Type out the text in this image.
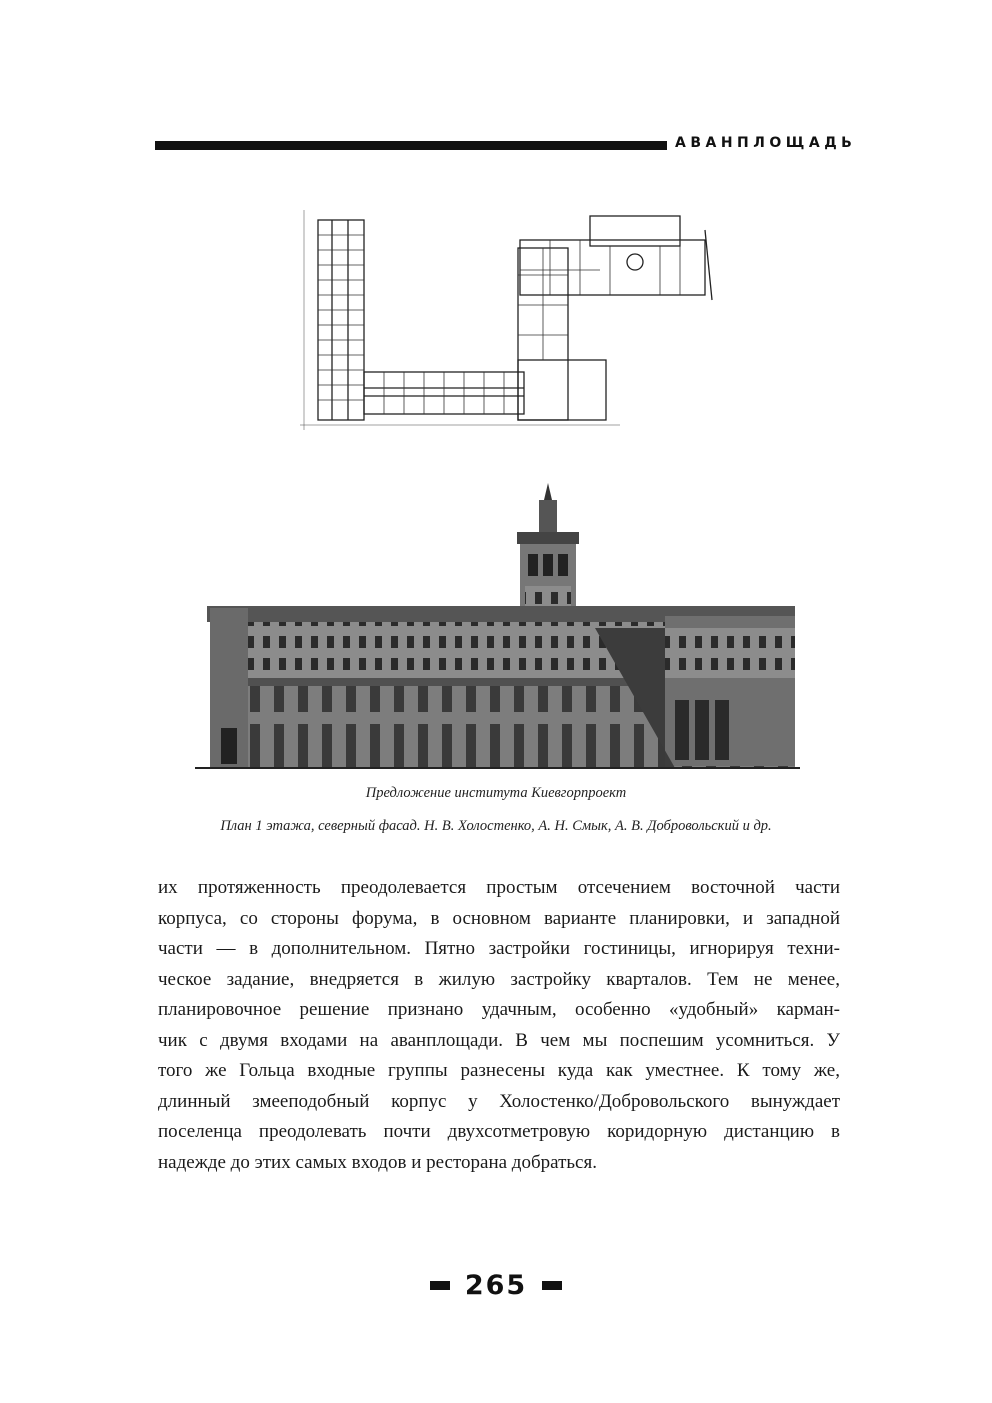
АВАНПЛОЩАДЬ
Предложение института Киевгорпроект
План 1 этажа, северный фасад. Н. В. Холостенко, А. Н. Смык, А. В. Добровольский и др.
их протяженность преодолевается простым отсечением восточной части
корпуса, со стороны форума, в основном варианте планировки, и западной
части — в дополнительном. Пятно застройки гостиницы, игнорируя техни-
ческое задание, внедряется в жилую застройку кварталов. Тем не менее,
планировочное решение признано удачным, особенно «удобный» карман-
чик с двумя входами на аванплощади. В чем мы поспешим усомниться. У
того же Гольца входные группы разнесены куда как уместнее. К тому же,
длинный змееподобный корпус у Холостенко/Добровольского вынуждает
поселенца преодолевать почти двухсотметровую коридорную дистанцию в
надежде до этих самых входов и ресторана добраться.
265
